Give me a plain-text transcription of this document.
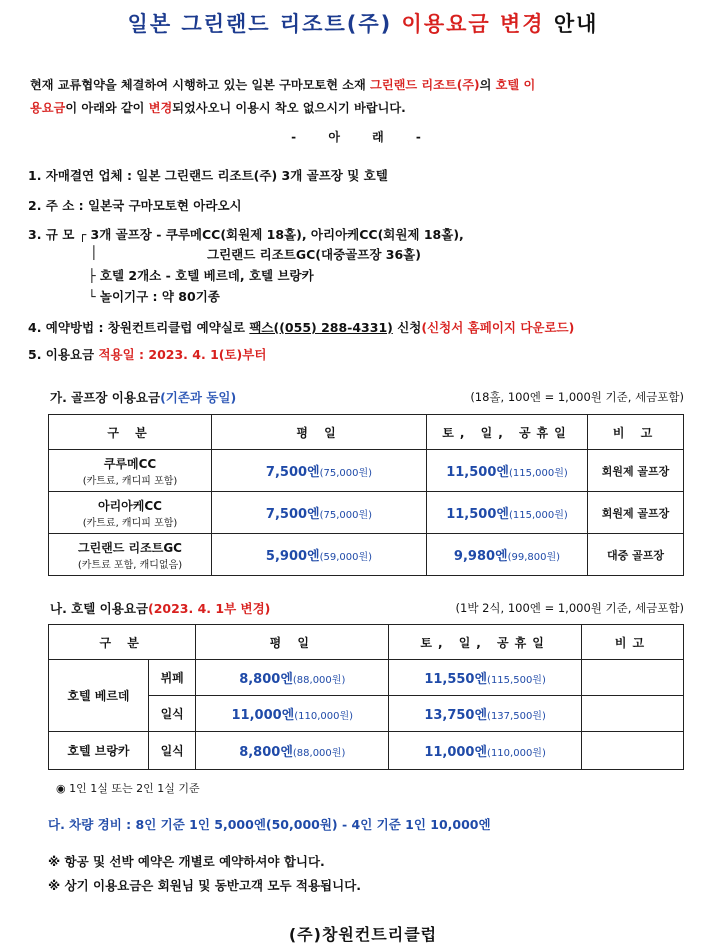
일본 그린랜드 리조트(주) 이용요금 변경 안내
현재 교류협약을 체결하여 시행하고 있는 일본 구마모토현 소재 그린랜드 리조트(주)의 호텔 이
용요금이 아래와 같이 변경되었사오니 이용시 착오 없으시기 바랍니다.
- 아 래 -
1. 자매결연 업체 : 일본 그린랜드 리조트(주) 3개 골프장 및 호텔
2. 주 소 : 일본국 구마모토현 아라오시
3. 규 모 ┌ 3개 골프장 - 쿠루메CC(회원제 18홀), 아리아케CC(회원제 18홀),
│	그린랜드 리조트GC(대중골프장 36홀)
├ 호텔 2개소 - 호텔 베르데, 호텔 브랑카
└ 놀이기구 : 약 80기종
4. 예약방법 : 창원컨트리클럽 예약실로 팩스((055) 288-4331) 신청(신청서 홈페이지 다운로드)
5. 이용요금 적용일 : 2023. 4. 1(토)부터
가. 골프장 이용요금(기존과 동일)	(18홀, 100엔 = 1,000원 기준, 세금포함)
구 분	평 일	토, 일, 공휴일	비 고

쿠루메CC
(카트료, 캐디피 포함)	7,500엔(75,000원)	11,500엔(115,000원)	회원제 골프장

아리아케CC
(카트료, 캐디피 포함)	7,500엔(75,000원)	11,500엔(115,000원)	회원제 골프장

그린랜드 리조트GC
(카트료 포함, 캐디없음)	5,900엔(59,000원)	9,980엔(99,800원)	대중 골프장
나. 호텔 이용요금(2023. 4. 1부 변경)	(1박 2식, 100엔 = 1,000원 기준, 세금포함)
구 분		평 일	토, 일, 공휴일	비고
호텔 베르데	뷔페	8,800엔(88,000원)	11,550엔(115,500원)	
	일식	11,000엔(110,000원)	13,750엔(137,500원)	
호텔 브랑카	일식	8,800엔(88,000원)	11,000엔(110,000원)	
◉ 1인 1실 또는 2인 1실 기준
다. 차량 경비 : 8인 기준 1인 5,000엔(50,000원) - 4인 기준 1인 10,000엔
※ 항공 및 선박 예약은 개별로 예약하셔야 합니다.
※ 상기 이용요금은 회원님 및 동반고객 모두 적용됩니다.
(주)창원컨트리클럽
